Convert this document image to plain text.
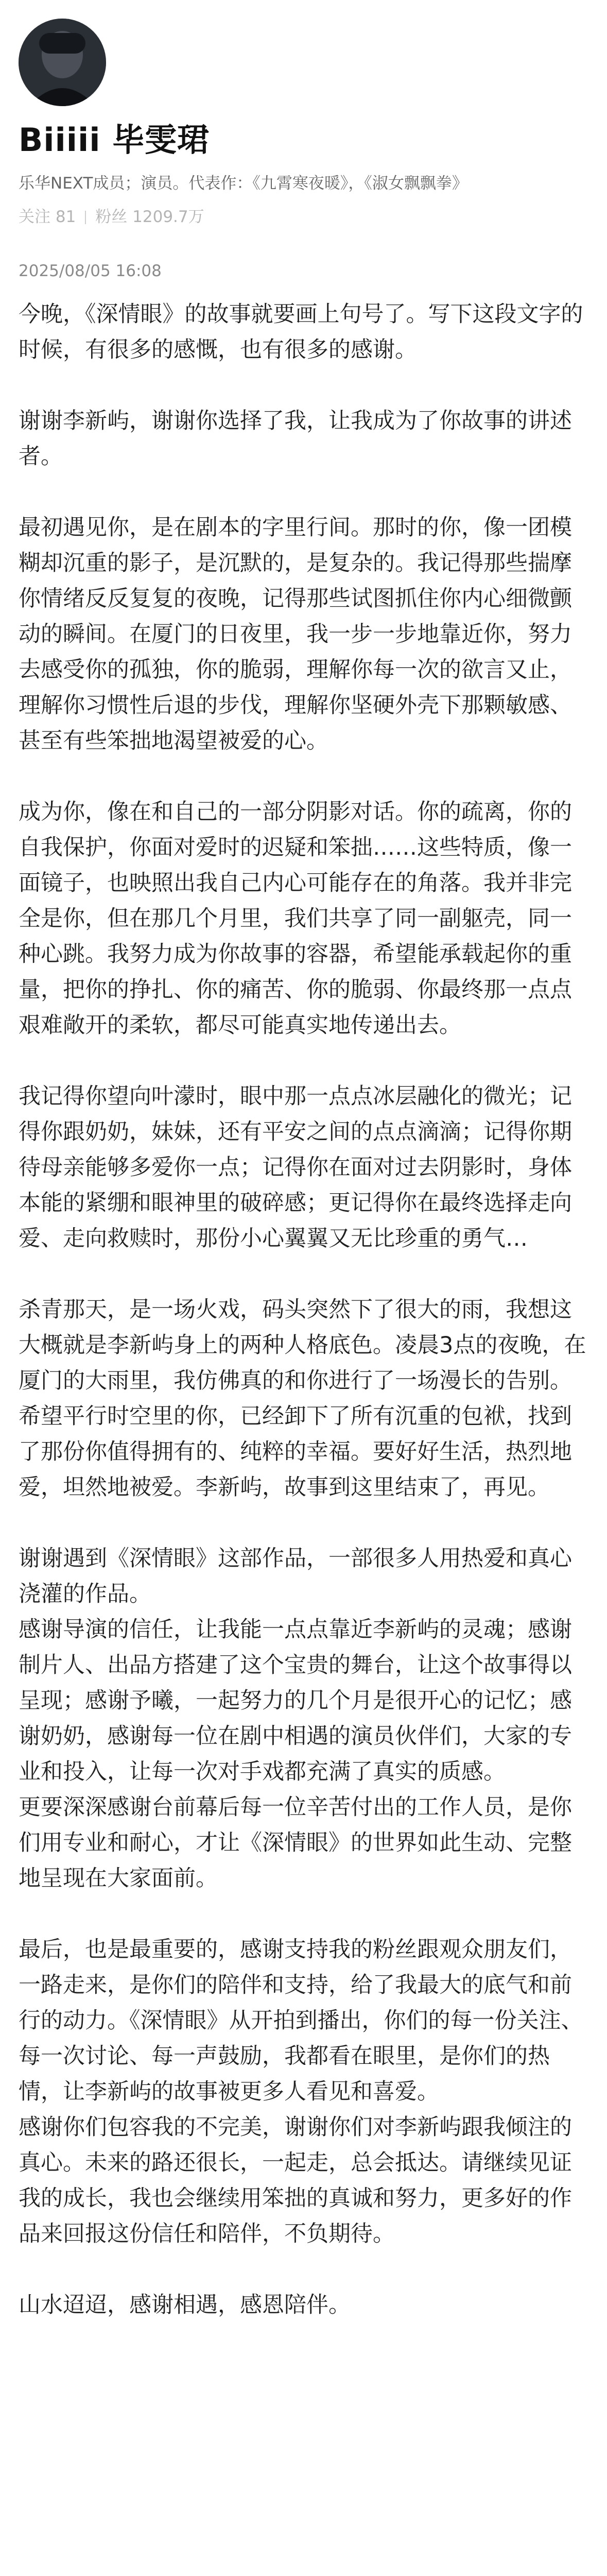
Biiiii 毕雯珺
乐华NEXT成员；演员。代表作：《九霄寒夜暖》，《淑女飘飘拳》
关注 81 粉丝 1209.7万
2025/08/05 16:08

今晚，《深情眼》的故事就要画上句号了。写下这段文字的时候，有很多的感慨，也有很多的感谢。

谢谢李新屿，谢谢你选择了我，让我成为了你故事的讲述者。

最初遇见你，是在剧本的字里行间。那时的你，像一团模糊却沉重的影子，是沉默的，是复杂的。我记得那些揣摩你情绪反反复复的夜晚，记得那些试图抓住你内心细微颤动的瞬间。在厦门的日夜里，我一步一步地靠近你，努力去感受你的孤独，你的脆弱，理解你每一次的欲言又止，理解你习惯性后退的步伐，理解你坚硬外壳下那颗敏感、甚至有些笨拙地渴望被爱的心。

成为你，像在和自己的一部分阴影对话。你的疏离，你的自我保护，你面对爱时的迟疑和笨拙……这些特质，像一面镜子，也映照出我自己内心可能存在的角落。我并非完全是你，但在那几个月里，我们共享了同一副躯壳，同一种心跳。我努力成为你故事的容器，希望能承载起你的重量，把你的挣扎、你的痛苦、你的脆弱、你最终那一点点艰难敞开的柔软，都尽可能真实地传递出去。

我记得你望向叶濛时，眼中那一点点冰层融化的微光；记得你跟奶奶，妹妹，还有平安之间的点点滴滴；记得你期待母亲能够多爱你一点；记得你在面对过去阴影时，身体本能的紧绷和眼神里的破碎感；更记得你在最终选择走向爱、走向救赎时，那份小心翼翼又无比珍重的勇气…

杀青那天，是一场火戏，码头突然下了很大的雨，我想这大概就是李新屿身上的两种人格底色。凌晨3点的夜晚，在厦门的大雨里，我仿佛真的和你进行了一场漫长的告别。希望平行时空里的你，已经卸下了所有沉重的包袱，找到了那份你值得拥有的、纯粹的幸福。要好好生活，热烈地爱，坦然地被爱。李新屿，故事到这里结束了，再见。

谢谢遇到《深情眼》这部作品，一部很多人用热爱和真心浇灌的作品。

感谢导演的信任，让我能一点点靠近李新屿的灵魂；感谢制片人、出品方搭建了这个宝贵的舞台，让这个故事得以呈现；感谢予曦，一起努力的几个月是很开心的记忆；感谢奶奶，感谢每一位在剧中相遇的演员伙伴们，大家的专业和投入，让每一次对手戏都充满了真实的质感。

更要深深感谢台前幕后每一位辛苦付出的工作人员，是你们用专业和耐心，才让《深情眼》的世界如此生动、完整地呈现在大家面前。

最后，也是最重要的，感谢支持我的粉丝跟观众朋友们，一路走来，是你们的陪伴和支持，给了我最大的底气和前行的动力。《深情眼》从开拍到播出，你们的每一份关注、每一次讨论、每一声鼓励，我都看在眼里，是你们的热情，让李新屿的故事被更多人看见和喜爱。

感谢你们包容我的不完美，谢谢你们对李新屿跟我倾注的真心。未来的路还很长，一起走，总会抵达。请继续见证我的成长，我也会继续用笨拙的真诚和努力，更多好的作品来回报这份信任和陪伴，不负期待。

山水迢迢，感谢相遇，感恩陪伴。
